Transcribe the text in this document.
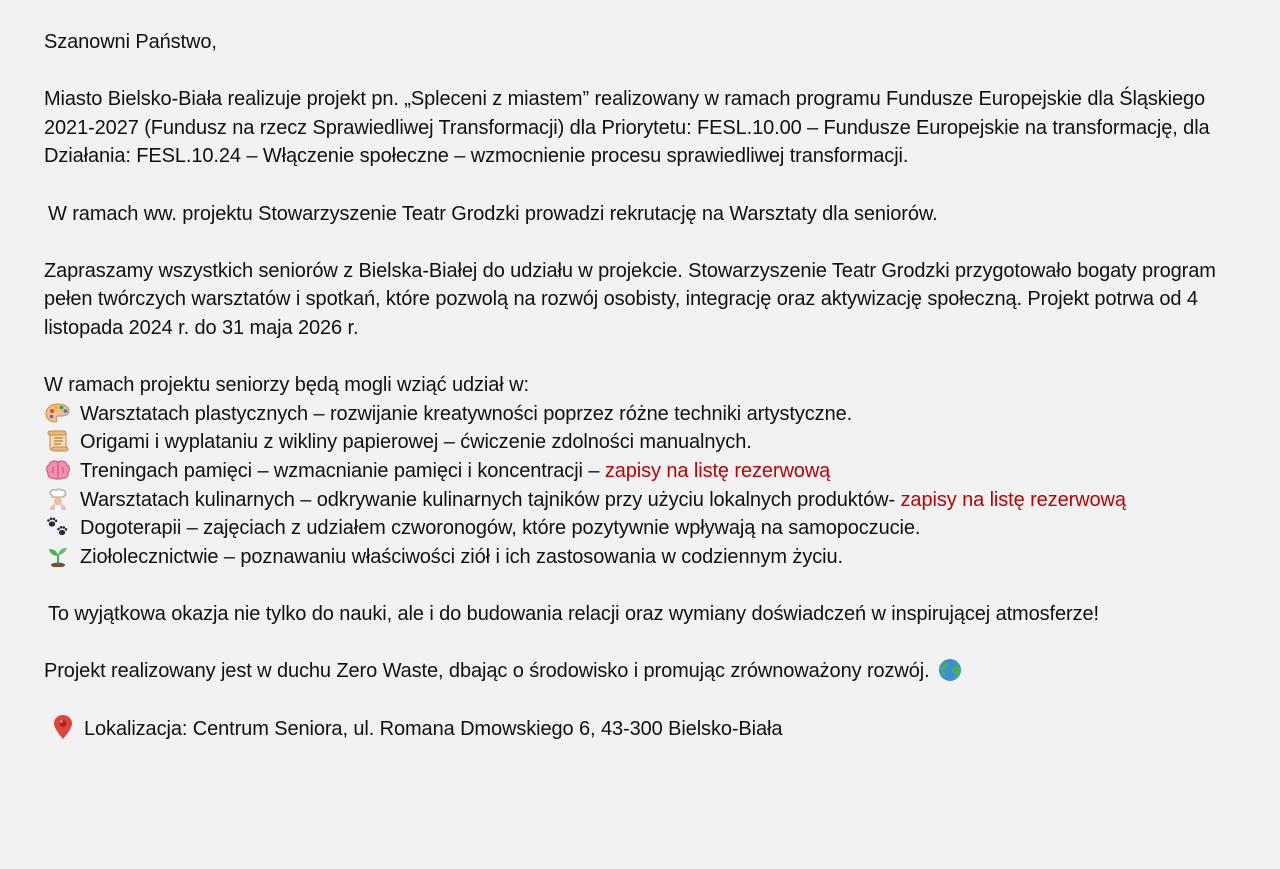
Szanowni Państwo,

Miasto Bielsko-Biała realizuje projekt pn. „Spleceni z miastem” realizowany w ramach programu Fundusze Europejskie dla Śląskiego 2021-2027 (Fundusz na rzecz Sprawiedliwej Transformacji) dla Priorytetu: FESL.10.00 – Fundusze Europejskie na transformację, dla Działania: FESL.10.24 – Włączenie społeczne – wzmocnienie procesu sprawiedliwej transformacji.

W ramach ww. projektu Stowarzyszenie Teatr Grodzki prowadzi rekrutację na Warsztaty dla seniorów.

Zapraszamy wszystkich seniorów z Bielska-Białej do udziału w projekcie. Stowarzyszenie Teatr Grodzki przygotowało bogaty program pełen twórczych warsztatów i spotkań, które pozwolą na rozwój osobisty, integrację oraz aktywizację społeczną. Projekt potrwa od 4 listopada 2024 r. do 31 maja 2026 r.

W ramach projektu seniorzy będą mogli wziąć udział w:

Warsztatach plastycznych – rozwijanie kreatywności poprzez różne techniki artystyczne.

Origami i wyplataniu z wikliny papierowej – ćwiczenie zdolności manualnych.

Treningach pamięci – wzmacnianie pamięci i koncentracji – zapisy na listę rezerwową

Warsztatach kulinarnych – odkrywanie kulinarnych tajników przy użyciu lokalnych produktów- zapisy na listę rezerwową

Dogoterapii – zajęciach z udziałem czworonogów, które pozytywnie wpływają na samopoczucie.

Ziołolecznictwie – poznawaniu właściwości ziół i ich zastosowania w codziennym życiu.

To wyjątkowa okazja nie tylko do nauki, ale i do budowania relacji oraz wymiany doświadczeń w inspirującej atmosferze!

Projekt realizowany jest w duchu Zero Waste, dbając o środowisko i promując zrównoważony rozwój.

Lokalizacja: Centrum Seniora, ul. Romana Dmowskiego 6, 43-300 Bielsko-Biała
